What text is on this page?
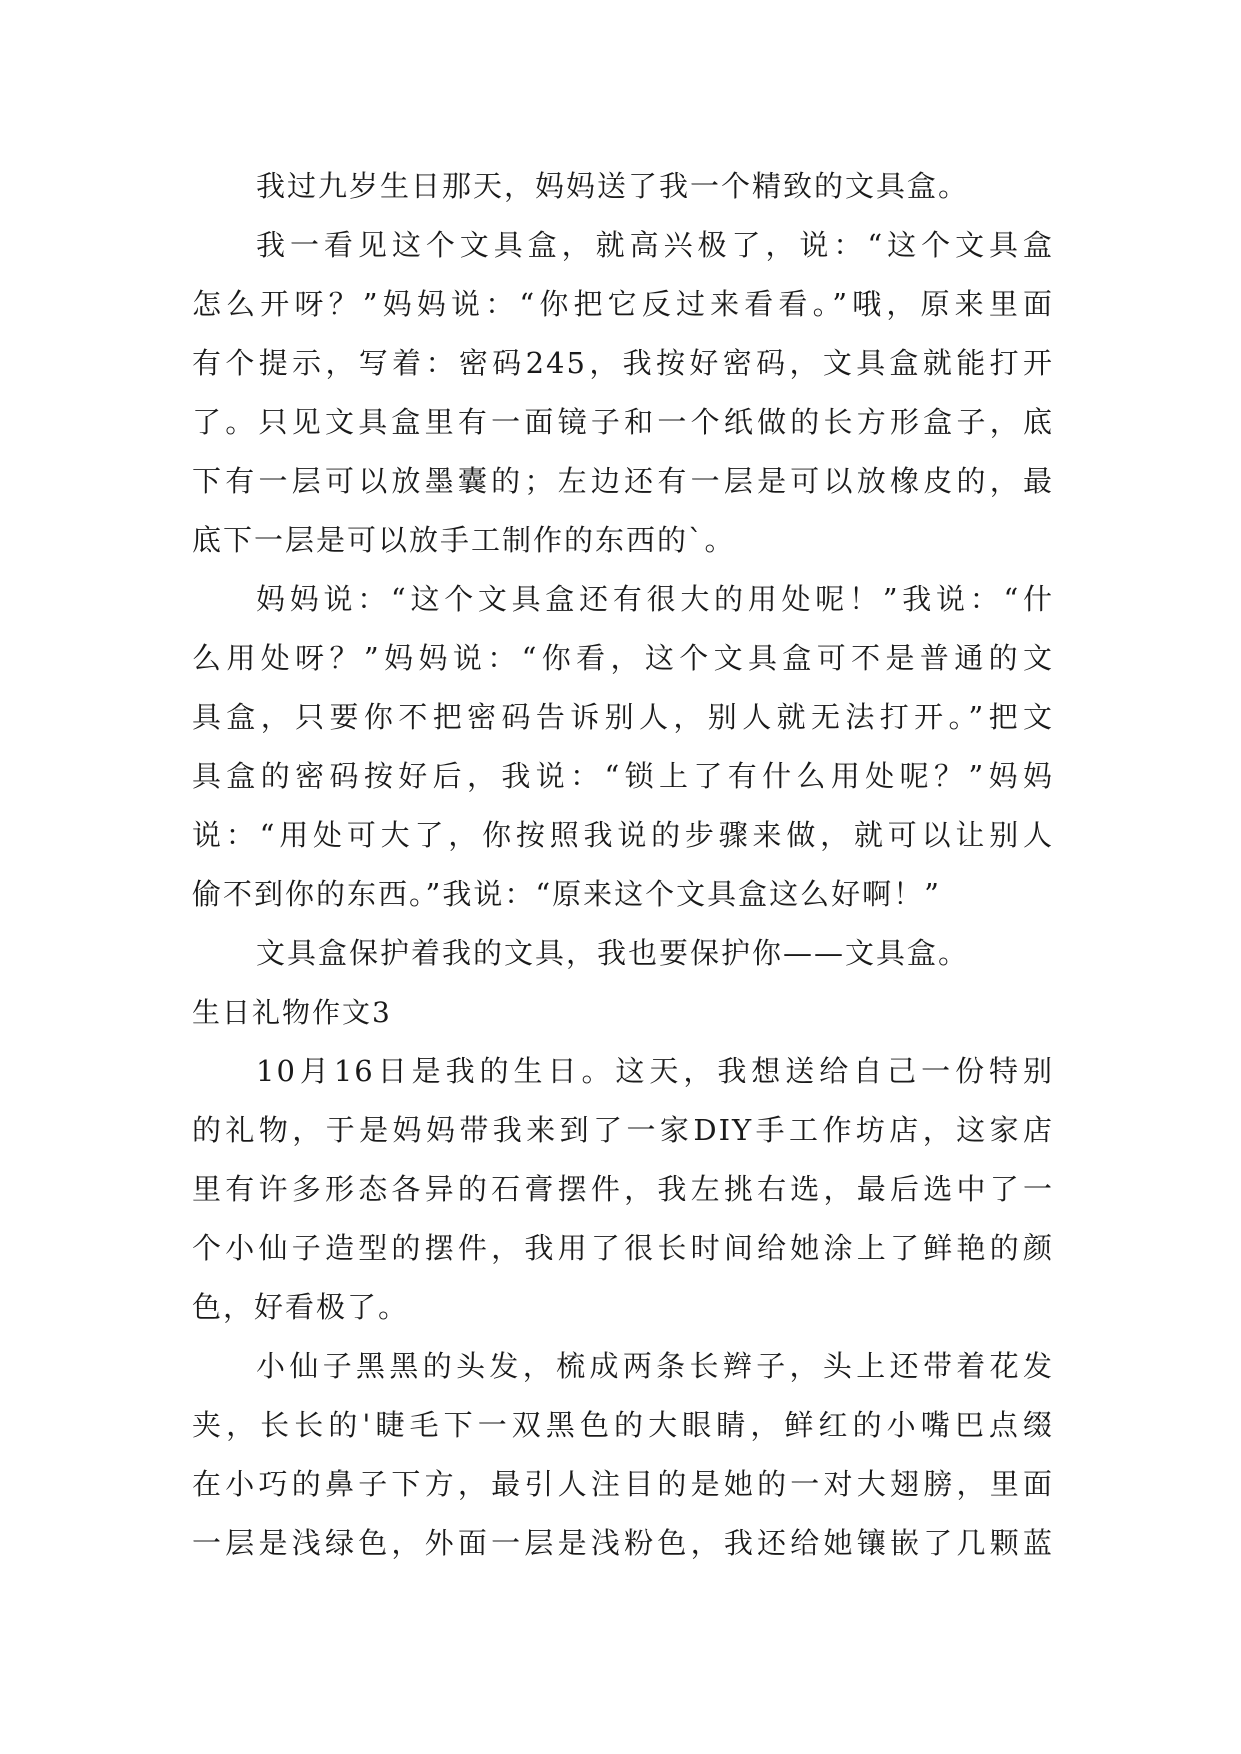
我过九岁生日那天，妈妈送了我一个精致的文具盒。
我一看见这个文具盒，就高兴极了，说：“这个文具盒
怎么开呀？”妈妈说：“你把它反过来看看。”哦，原来里面
有个提示，写着：密码245，我按好密码，文具盒就能打开
了。只见文具盒里有一面镜子和一个纸做的长方形盒子，底
下有一层可以放墨囊的；左边还有一层是可以放橡皮的，最
底下一层是可以放手工制作的东西的`。
妈妈说：“这个文具盒还有很大的用处呢！”我说：“什
么用处呀？”妈妈说：“你看，这个文具盒可不是普通的文
具盒，只要你不把密码告诉别人，别人就无法打开。”把文
具盒的密码按好后，我说：“锁上了有什么用处呢？”妈妈
说：“用处可大了，你按照我说的步骤来做，就可以让别人
偷不到你的东西。”我说：“原来这个文具盒这么好啊！”
文具盒保护着我的文具，我也要保护你——文具盒。
生日礼物作文3
10月16日是我的生日。这天，我想送给自己一份特别
的礼物，于是妈妈带我来到了一家DIY手工作坊店，这家店
里有许多形态各异的石膏摆件，我左挑右选，最后选中了一
个小仙子造型的摆件，我用了很长时间给她涂上了鲜艳的颜
色，好看极了。
小仙子黑黑的头发，梳成两条长辫子，头上还带着花发
夹，长长的'睫毛下一双黑色的大眼睛，鲜红的小嘴巴点缀
在小巧的鼻子下方，最引人注目的是她的一对大翅膀，里面
一层是浅绿色，外面一层是浅粉色，我还给她镶嵌了几颗蓝
